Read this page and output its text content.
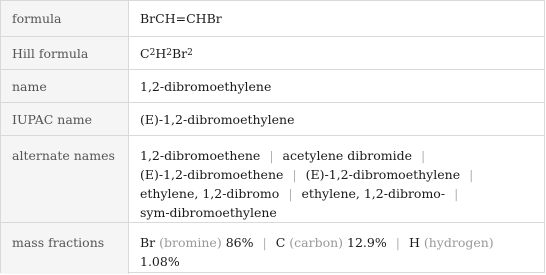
formula	BrCH=CHBr
Hill formula	C 2 H 2 Br 2
name	1,2-dibromoethylene
IUPAC name	(E)-1,2-dibromoethylene
alternate names	1,2-dibromoethene | acetylene dibromide |
(E)-1,2-dibromoethene | (E)-1,2-dibromoethylene |
ethylene, 1,2-dibromo | ethylene, 1,2-dibromo- |
sym-dibromoethylene
mass fractions	Br (bromine) 86% | C (carbon) 12.9% | H (hydrogen)
1.08%
